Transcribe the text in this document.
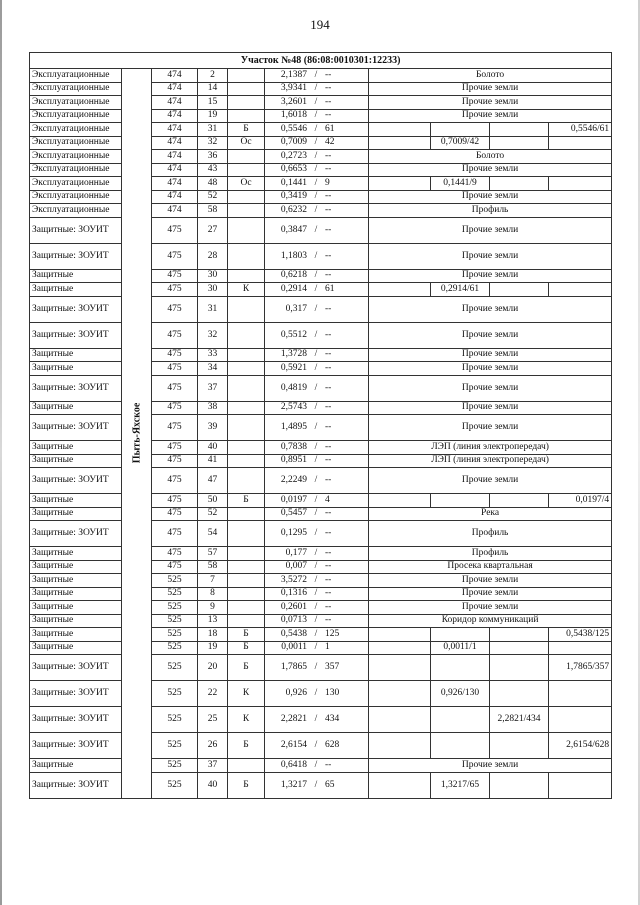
194
Участок №48 (86:08:0010301:12233)									
Эксплуатационные	Пыть-Яхское	474	2		2,1387 / --	Болото			
Эксплуатационные		474	14		3,9341 / --	Прочие земли			
Эксплуатационные		474	15		3,2601 / --	Прочие земли			
Эксплуатационные		474	19		1,6018 / --	Прочие земли			
Эксплуатационные		474	31	Б	0,5546 / 61				0,5546/61
Эксплуатационные		474	32	Ос	0,7009 / 42		0,7009/42		
Эксплуатационные		474	36		0,2723 / --	Болото			
Эксплуатационные		474	43		0,6653 / --	Прочие земли			
Эксплуатационные		474	48	Ос	0,1441 / 9		0,1441/9		
Эксплуатационные		474	52		0,3419 / --	Прочие земли			
Эксплуатационные		474	58		0,6232 / --	Профиль			
Защитные: ЗОУИТ		475	27		0,3847 / --	Прочие земли			
Защитные: ЗОУИТ		475	28		1,1803 / --	Прочие земли			
Защитные		475	30		0,6218 / --	Прочие земли			
Защитные		475	30	К	0,2914 / 61		0,2914/61		
Защитные: ЗОУИТ		475	31		0,317 / --	Прочие земли			
Защитные: ЗОУИТ		475	32		0,5512 / --	Прочие земли			
Защитные		475	33		1,3728 / --	Прочие земли			
Защитные		475	34		0,5921 / --	Прочие земли			
Защитные: ЗОУИТ		475	37		0,4819 / --	Прочие земли			
Защитные		475	38		2,5743 / --	Прочие земли			
Защитные: ЗОУИТ		475	39		1,4895 / --	Прочие земли			
Защитные		475	40		0,7838 / --	ЛЭП (линия электропередач)			
Защитные		475	41		0,8951 / --	ЛЭП (линия электропередач)			
Защитные: ЗОУИТ		475	47		2,2249 / --	Прочие земли			
Защитные		475	50	Б	0,0197 / 4				0,0197/4
Защитные		475	52		0,5457 / --	Река			
Защитные: ЗОУИТ		475	54		0,1295 / --	Профиль			
Защитные		475	57		0,177 / --	Профиль			
Защитные		475	58		0,007 / --	Просека квартальная			
Защитные		525	7		3,5272 / --	Прочие земли			
Защитные		525	8		0,1316 / --	Прочие земли			
Защитные		525	9		0,2601 / --	Прочие земли			
Защитные		525	13		0,0713 / --	Коридор коммуникаций			
Защитные		525	18	Б	0,5438 / 125				0,5438/125
Защитные		525	19	Б	0,0011 / 1		0,0011/1		
Защитные: ЗОУИТ		525	20	Б	1,7865 / 357				1,7865/357
Защитные: ЗОУИТ		525	22	К	0,926 / 130		0,926/130		
Защитные: ЗОУИТ		525	25	К	2,2821 / 434			2,2821/434	
Защитные: ЗОУИТ		525	26	Б	2,6154 / 628				2,6154/628
Защитные		525	37		0,6418 / --	Прочие земли			
Защитные: ЗОУИТ		525	40	Б	1,3217 / 65		1,3217/65		
